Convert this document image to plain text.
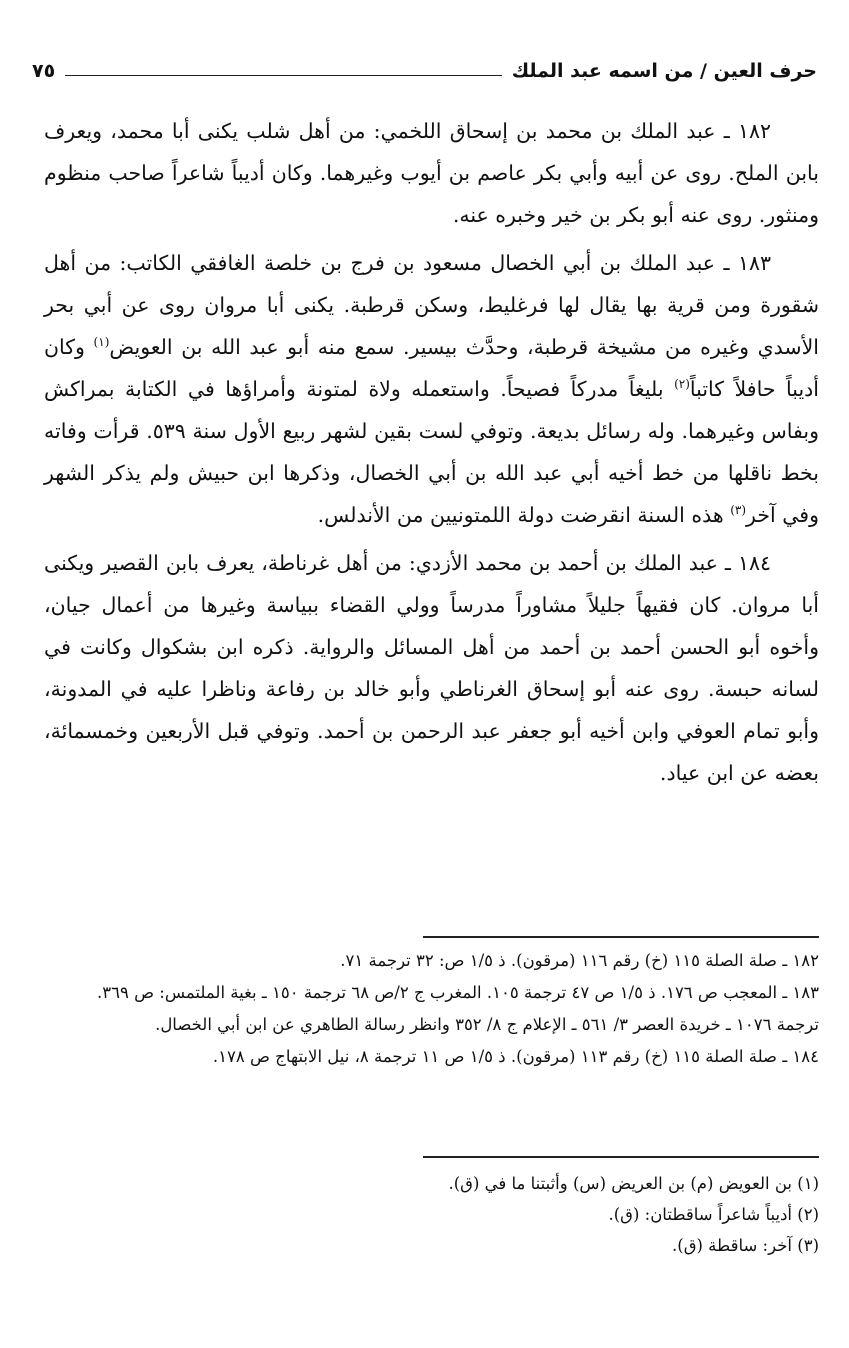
حرف العين / من اسمه عبد الملك
٧٥

١٨٢ ـ عبد الملك بن محمد بن إسحاق اللخمي: من أهل شلب يكنى أبا محمد، ويعرف بابن الملح. روى عن أبيه وأبي بكر عاصم بن أيوب وغيرهما. وكان أديباً شاعراً صاحب منظوم ومنثور. روى عنه أبو بكر بن خير وخبره عنه.

١٨٣ ـ عبد الملك بن أبي الخصال مسعود بن فرج بن خلصة الغافقي الكاتب: من أهل شقورة ومن قرية بها يقال لها فرغليط، وسكن قرطبة. يكنى أبا مروان روى عن أبي بحر الأسدي وغيره من مشيخة قرطبة، وحدَّث بيسير. سمع منه أبو عبد الله بن العويض$^{(١)}$ وكان أديباً حافلاً كاتباً$^{(٢)}$ بليغاً مدركاً فصيحاً. واستعمله ولاة لمتونة وأمراؤها في الكتابة بمراكش وبفاس وغيرهما. وله رسائل بديعة. وتوفي لست بقين لشهر ربيع الأول سنة ٥٣٩. قرأت وفاته بخط ناقلها من خط أخيه أبي عبد الله بن أبي الخصال، وذكرها ابن حبيش ولم يذكر الشهر وفي آخر$^{(٣)}$ هذه السنة انقرضت دولة اللمتونيين من الأندلس.

١٨٤ ـ عبد الملك بن أحمد بن محمد الأزدي: من أهل غرناطة، يعرف بابن القصير ويكنى أبا مروان. كان فقيهاً جليلاً مشاوراً مدرساً وولي القضاء ببياسة وغيرها من أعمال جيان، وأخوه أبو الحسن أحمد بن أحمد من أهل المسائل والرواية. ذكره ابن بشكوال وكانت في لسانه حبسة. روى عنه أبو إسحاق الغرناطي وأبو خالد بن رفاعة وناظرا عليه في المدونة، وأبو تمام العوفي وابن أخيه أبو جعفر عبد الرحمن بن أحمد. وتوفي قبل الأربعين وخمسمائة، بعضه عن ابن عياد.

١٨٢ ـ صلة الصلة ١١٥ (خ) رقم ١١٦ (مرقون). ذ ١/٥ ص: ٣٢ ترجمة ٧١.

١٨٣ ـ المعجب ص ١٧٦. ذ ١/٥ ص ٤٧ ترجمة ١٠٥. المغرب ج ٢/ص ٦٨ ترجمة ١٥٠ ـ بغية الملتمس: ص ٣٦٩. ترجمة ١٠٧٦ ـ خريدة العصر ٣/ ٥٦١ ـ الإعلام ج ٨/ ٣٥٢ وانظر رسالة الطاهري عن ابن أبي الخصال.

١٨٤ ـ صلة الصلة ١١٥ (خ) رقم ١١٣ (مرقون). ذ ١/٥ ص ١١ ترجمة ٨، نيل الابتهاج ص ١٧٨.

(١) بن العويض (م) بن العريض (س) وأثبتنا ما في (ق).

(٢) أديباً شاعراً ساقطتان: (ق).

(٣) آخر: ساقطة (ق).
